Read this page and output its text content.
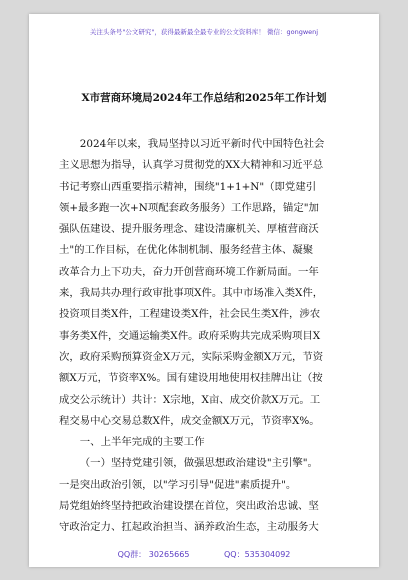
关注头条号"公文研究"，获得最新最全最专业的公文资料库！ 微信：gongwenj
X市营商环境局2024年工作总结和2025年工作计划
2024年以来，我局坚持以习近平新时代中国特色社会
主义思想为指导，认真学习贯彻党的XX大精神和习近平总
书记考察山西重要指示精神，围绕"1+1+N"（即党建引
领+最多跑一次+N项配套政务服务）工作思路，锚定"加
强队伍建设、提升服务理念、建设清廉机关、厚植营商沃
土"的工作目标，在优化体制机制、服务经营主体、凝聚
改革合力上下功夫，奋力开创营商环境工作新局面。一年
来，我局共办理行政审批事项X件。其中市场准入类X件，
投资项目类X件，工程建设类X件，社会民生类X件，涉农
事务类X件，交通运输类X件。政府采购共完成采购项目X
次，政府采购预算资金X万元，实际采购金额X万元，节资
额X万元，节资率X%。国有建设用地使用权挂牌出让（按
成交公示统计）共计：X宗地，X亩、成交价款X万元。工
程交易中心交易总数X件，成交金额X万元，节资率X%。
一、上半年完成的主要工作
（一）坚持党建引领，做强思想政治建设"主引擎"。
一是突出政治引领，以"学习引导"促进"素质提升"。
局党组始终坚持把政治建设摆在首位，突出政治忠诚、坚
守政治定力、扛起政治担当、涵养政治生态，主动服务大
QQ群： 30265665	QQ：535304092
